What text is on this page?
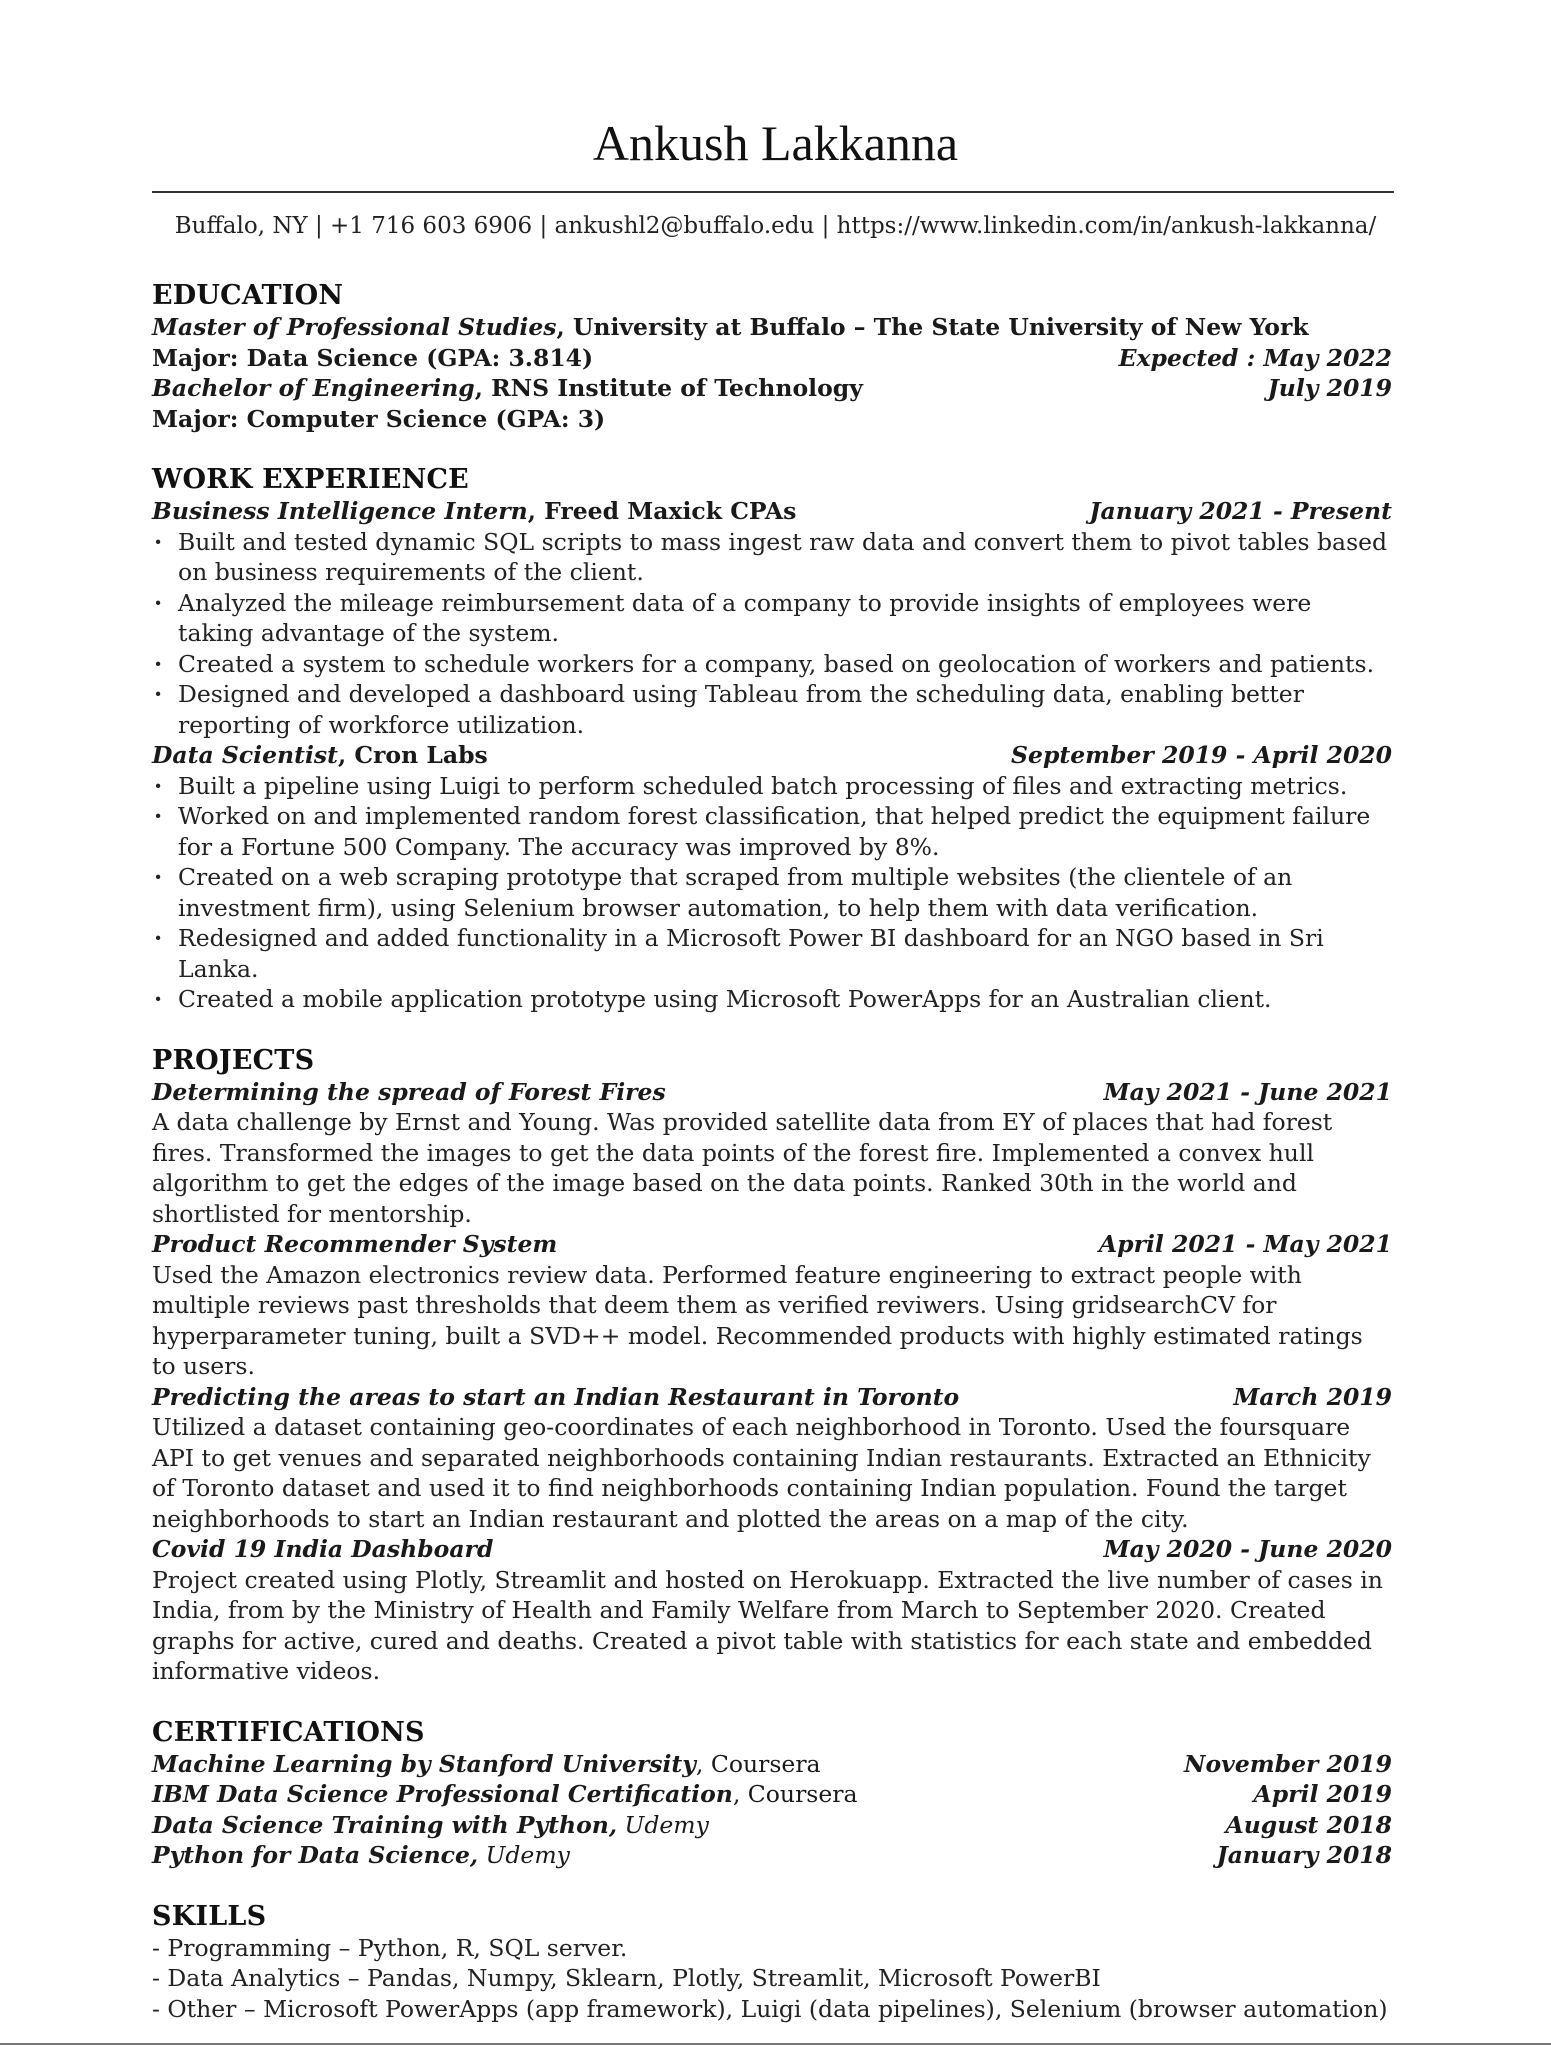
Ankush Lakkanna
Buffalo, NY | +1 716 603 6906 | ankushl2@buffalo.edu | https://www.linkedin.com/in/ankush-lakkanna/
EDUCATION
Master of Professional Studies, University at Buffalo – The State University of New York
Major: Data Science (GPA: 3.814)	Expected : May 2022
Bachelor of Engineering, RNS Institute of Technology	July 2019
Major: Computer Science (GPA: 3)
WORK EXPERIENCE
Business Intelligence Intern, Freed Maxick CPAs	January 2021 - Present
· Built and tested dynamic SQL scripts to mass ingest raw data and convert them to pivot tables based on business requirements of the client.
· Analyzed the mileage reimbursement data of a company to provide insights of employees were taking advantage of the system.
· Created a system to schedule workers for a company, based on geolocation of workers and patients.
· Designed and developed a dashboard using Tableau from the scheduling data, enabling better reporting of workforce utilization.
Data Scientist, Cron Labs	September 2019 - April 2020
· Built a pipeline using Luigi to perform scheduled batch processing of files and extracting metrics.
· Worked on and implemented random forest classification, that helped predict the equipment failure for a Fortune 500 Company. The accuracy was improved by 8%.
· Created on a web scraping prototype that scraped from multiple websites (the clientele of an investment firm), using Selenium browser automation, to help them with data verification.
· Redesigned and added functionality in a Microsoft Power BI dashboard for an NGO based in Sri Lanka.
· Created a mobile application prototype using Microsoft PowerApps for an Australian client.
PROJECTS
Determining the spread of Forest Fires	May 2021 - June 2021
A data challenge by Ernst and Young. Was provided satellite data from EY of places that had forest fires. Transformed the images to get the data points of the forest fire. Implemented a convex hull algorithm to get the edges of the image based on the data points. Ranked 30th in the world and shortlisted for mentorship.
Product Recommender System	April 2021 - May 2021
Used the Amazon electronics review data. Performed feature engineering to extract people with multiple reviews past thresholds that deem them as verified reviwers. Using gridsearchCV for hyperparameter tuning, built a SVD++ model. Recommended products with highly estimated ratings to users.
Predicting the areas to start an Indian Restaurant in Toronto	March 2019
Utilized a dataset containing geo-coordinates of each neighborhood in Toronto. Used the foursquare API to get venues and separated neighborhoods containing Indian restaurants. Extracted an Ethnicity of Toronto dataset and used it to find neighborhoods containing Indian population. Found the target neighborhoods to start an Indian restaurant and plotted the areas on a map of the city.
Covid 19 India Dashboard	May 2020 - June 2020
Project created using Plotly, Streamlit and hosted on Herokuapp. Extracted the live number of cases in India, from by the Ministry of Health and Family Welfare from March to September 2020. Created graphs for active, cured and deaths. Created a pivot table with statistics for each state and embedded informative videos.
CERTIFICATIONS
Machine Learning by Stanford University, Coursera	November 2019
IBM Data Science Professional Certification, Coursera	April 2019
Data Science Training with Python, Udemy	August 2018
Python for Data Science, Udemy	January 2018
SKILLS
- Programming – Python, R, SQL server.
- Data Analytics – Pandas, Numpy, Sklearn, Plotly, Streamlit, Microsoft PowerBI
- Other – Microsoft PowerApps (app framework), Luigi (data pipelines), Selenium (browser automation)
